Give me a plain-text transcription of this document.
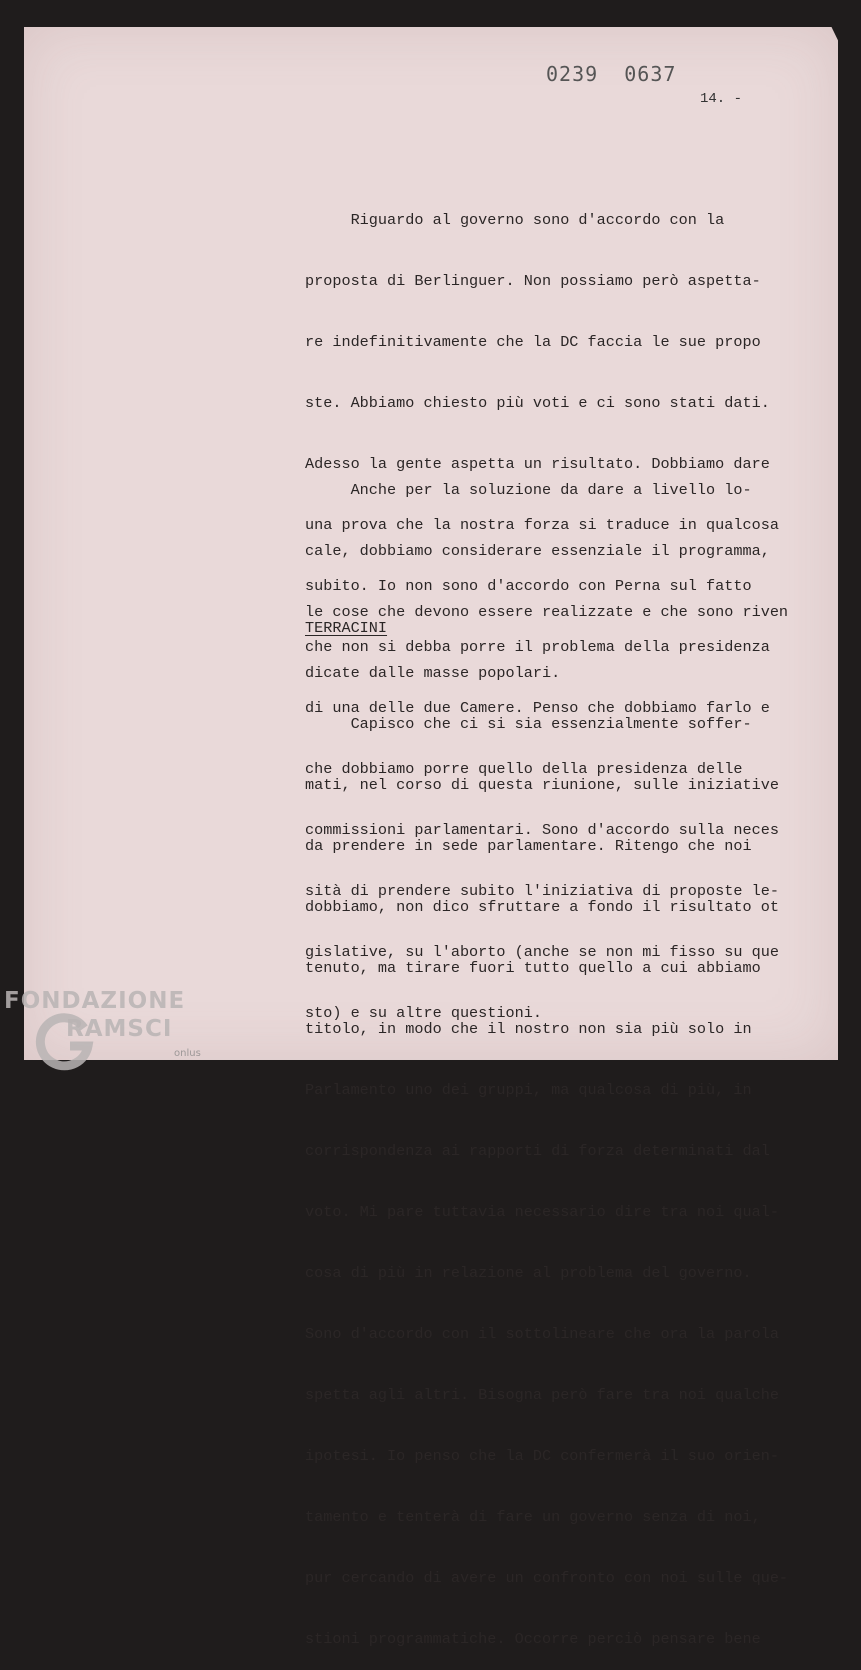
0239  0637
14. -

Riguardo al governo sono d'accordo con la

proposta di Berlinguer. Non possiamo però aspetta-

re indefinitivamente che la DC faccia le sue propo

ste. Abbiamo chiesto più voti e ci sono stati dati.

Adesso la gente aspetta un risultato. Dobbiamo dare

una prova che la nostra forza si traduce in qualcosa

subito. Io non sono d'accordo con Perna sul fatto

che non si debba porre il problema della presidenza

di una delle due Camere. Penso che dobbiamo farlo e

che dobbiamo porre quello della presidenza delle

commissioni parlamentari. Sono d'accordo sulla neces

sità di prendere subito l'iniziativa di proposte le-

gislative, su l'aborto (anche se non mi fisso su que

sto) e su altre questioni.

Anche per la soluzione da dare a livello lo-

cale, dobbiamo considerare essenziale il programma,

le cose che devono essere realizzate e che sono riven

dicate dalle masse popolari.

TERRACINI

Capisco che ci si sia essenzialmente soffer-

mati, nel corso di questa riunione, sulle iniziative

da prendere in sede parlamentare. Ritengo che noi

dobbiamo, non dico sfruttare a fondo il risultato ot

tenuto, ma tirare fuori tutto quello a cui abbiamo

titolo, in modo che il nostro non sia più solo in

Parlamento uno dei gruppi, ma qualcosa di più, in

corrispondenza ai rapporti di forza determinati dal

voto. Mi pare tuttavia necessario dire tra noi qual-

cosa di più in relazione al problema del governo.

Sono d'accordo con il sottolineare che ora la parola

spetta agli altri. Bisogna però fare tra noi qualche

ipotesi. Io penso che la DC confermerà il suo orien-

tamento e tenterà di fare un governo senza di noi,

pur cercando di avere un confronto con noi sulle que-

stioni programmatiche. Occorre perciò pensare bene

FONDAZIONE
RAMSCI
onlus
